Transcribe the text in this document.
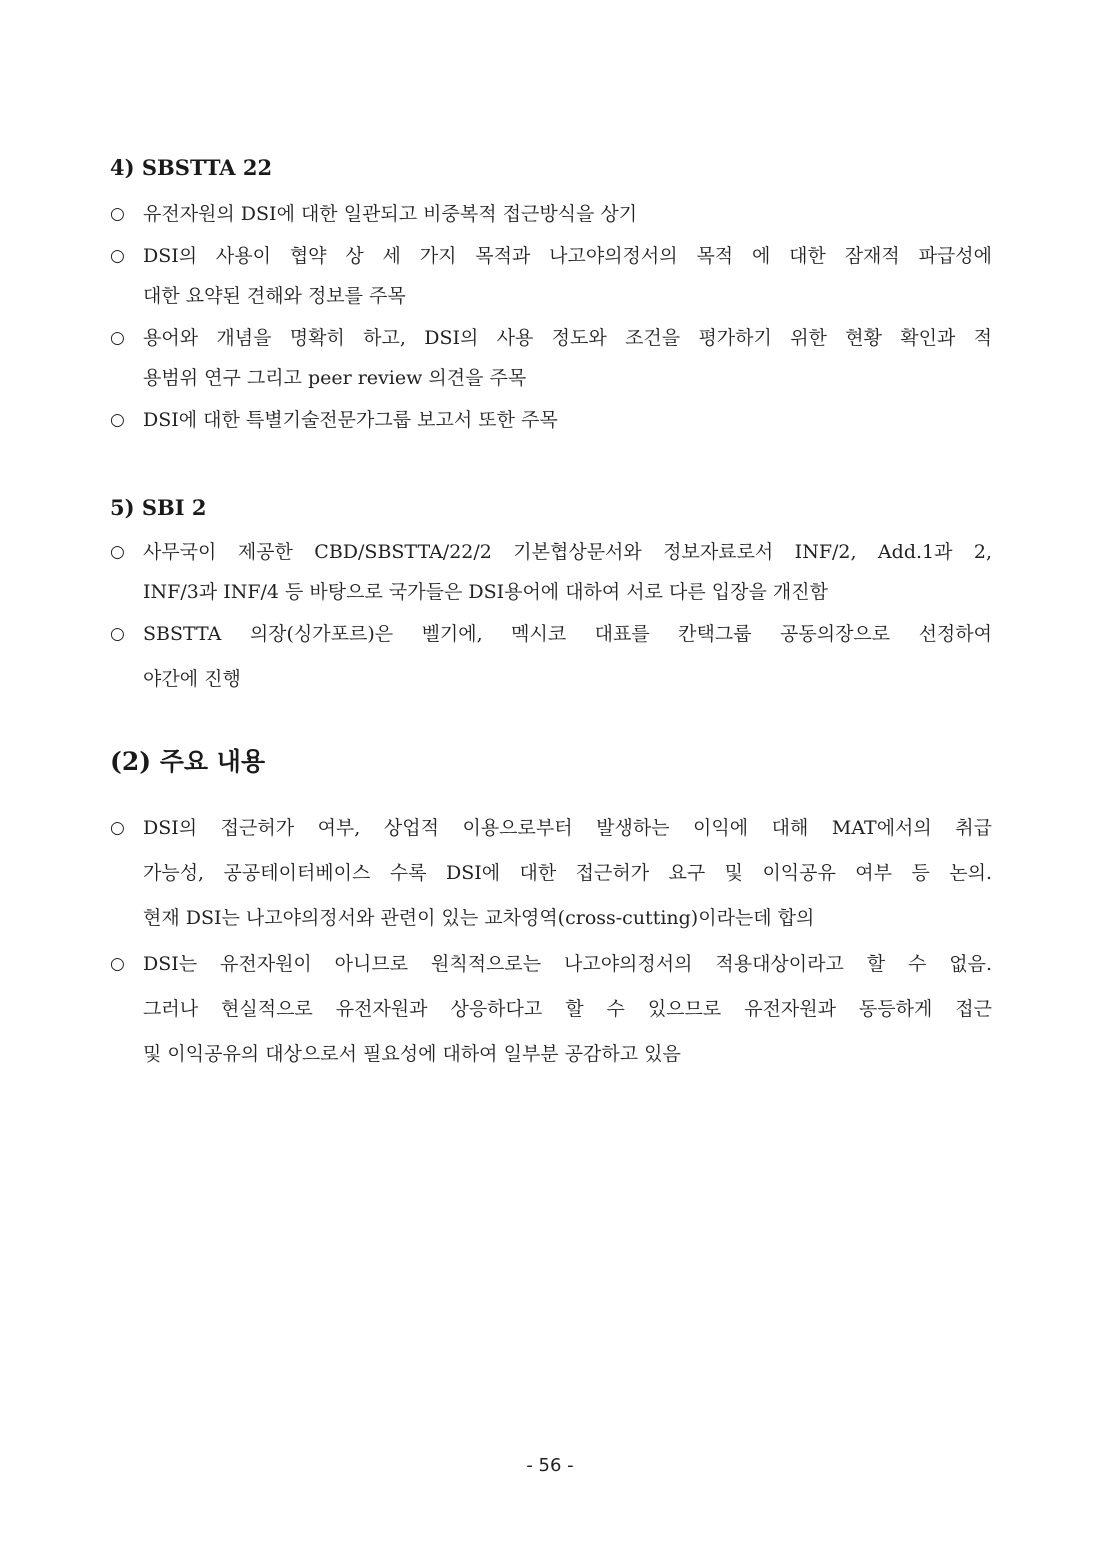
4) SBSTTA 22
○ 유전자원의 DSI에 대한 일관되고 비중복적 접근방식을 상기
○ DSI의 사용이 협약 상 세 가지 목적과 나고야의정서의 목적 에 대한 잠재적 파급성에
대한 요약된 견해와 정보를 주목
○ 용어와 개념을 명확히 하고, DSI의 사용 정도와 조건을 평가하기 위한 현황 확인과 적
용범위 연구 그리고 peer review 의견을 주목
○ DSI에 대한 특별기술전문가그룹 보고서 또한 주목
5) SBI 2
○ 사무국이 제공한 CBD/SBSTTA/22/2 기본협상문서와 정보자료로서 INF/2, Add.1과 2,
INF/3과 INF/4 등 바탕으로 국가들은 DSI용어에 대하여 서로 다른 입장을 개진함
○ SBSTTA 의장(싱가포르)은 벨기에, 멕시코 대표를 칸택그룹 공동의장으로 선정하여
야간에 진행
(2) 주요 내용
○ DSI의 접근허가 여부, 상업적 이용으로부터 발생하는 이익에 대해 MAT에서의 취급
가능성, 공공테이터베이스 수록 DSI에 대한 접근허가 요구 및 이익공유 여부 등 논의.
현재 DSI는 나고야의정서와 관련이 있는 교차영역(cross-cutting)이라는데 합의
○ DSI는 유전자원이 아니므로 원칙적으로는 나고야의정서의 적용대상이라고 할 수 없음.
그러나 현실적으로 유전자원과 상응하다고 할 수 있으므로 유전자원과 동등하게 접근
및 이익공유의 대상으로서 필요성에 대하여 일부분 공감하고 있음
- 56 -
